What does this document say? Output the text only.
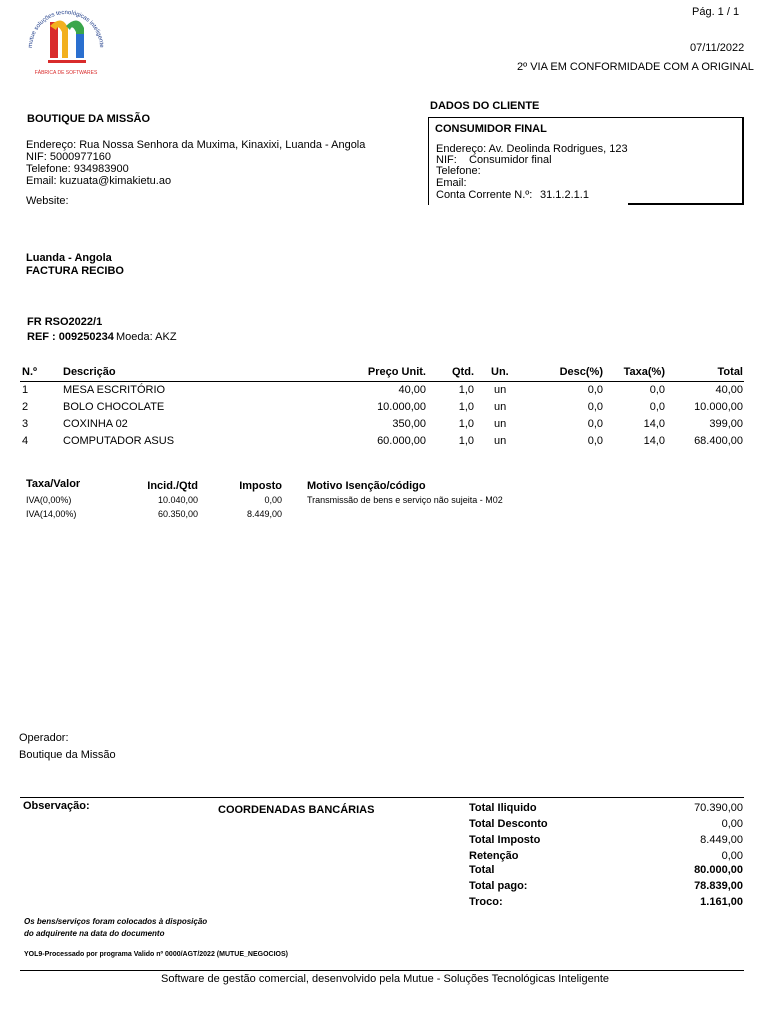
Pág. 1 / 1
07/11/2022
2º VIA EM CONFORMIDADE COM A ORIGINAL
mutue soluções tecnológicas inteligente
FÁBRICA DE SOFTWARES
BOUTIQUE DA MISSÃO
Endereço: Rua Nossa Senhora da Muxima, Kinaxixi, Luanda - Angola
NIF: 5000977160
Telefone: 934983900
Email: kuzuata@kimakietu.ao
Website:
DADOS DO CLIENTE
CONSUMIDOR FINAL
Endereço: Av. Deolinda Rodrigues, 123
NIF: Consumidor final
Telefone:
Email:
Conta Corrente N.º: 31.1.2.1.1
Luanda - Angola
FACTURA RECIBO
FR RSO2022/1
REF : 009250234 Moeda: AKZ
N.º Descrição	Preço Unit.	Qtd. Un.	Desc(%)	Taxa(%)	Total
1	MESA ESCRITÓRIO	40,00	1,0 un	0,0	0,0	40,00
2	BOLO CHOCOLATE	10.000,00	1,0 un	0,0	0,0	10.000,00
3	COXINHA 02	350,00	1,0 un	0,0	14,0	399,00
4	COMPUTADOR ASUS	60.000,00	1,0 un	0,0	14,0	68.400,00
Taxa/Valor	Incid./Qtd	Imposto Motivo Isenção/código
IVA(0,00%)	10.040,00	0,00	Transmissão de bens e serviço não sujeita - M02
IVA(14,00%)	60.350,00	8.449,00
Operador:
Boutique da Missão
Observação:	COORDENADAS BANCÁRIAS	Total Iliquido	70.390,00
Total Desconto	0,00
Total Imposto	8.449,00
Retenção	0,00
Total	80.000,00
Total pago:	78.839,00
Troco:	1.161,00
Os bens/serviços foram colocados à disposição
do adquirente na data do documento
YOL9-Processado por programa Valido nº 0000/AGT/2022 (MUTUE_NEGOCIOS)
Software de gestão comercial, desenvolvido pela Mutue - Soluções Tecnológicas Inteligente
